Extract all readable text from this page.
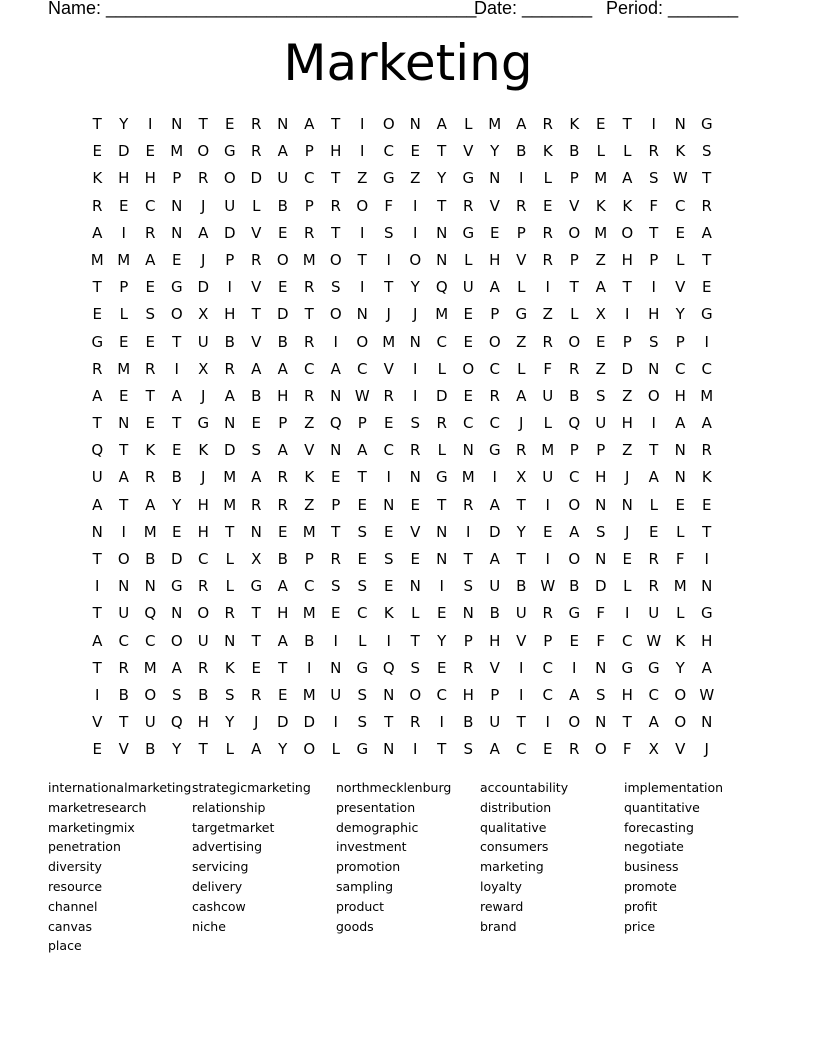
Name: _____________________________________
Date: _______ Period: _______
Marketing
T	Y	I	N	T	E	R	N	A	T	I	O N	A	L	M A	R	K	E	T	I	N	G
E	D	E	M O G	R	A	P	H	I	C	E	T	V	Y	B	K	B	L	L	R	K	S
K	H	H	P	R	O D	U	C	T	Z	G	Z	Y	G	N	I	L	P	M A	S W T
R	E	C	N	J	U	L	B	P	R	O	F	I	T	R	V	R	E	V	K	K	F	C	R
A	I	R	N	A	D	V	E	R	T	I	S	I	N	G	E	P	R	O M O	T	E	A
M M A	E	J	P	R	O M O	T	I	O N	L	H	V	R	P	Z	H	P	L	T
T	P	E	G D	I	V	E	R	S	I	T	Y	Q	U	A	L	I	T	A	T	I	V	E
E	L	S	O	X	H	T	D	T	O N	J	J	M	E	P	G	Z	L	X	I	H	Y	G
G	E	E	T	U	B	V	B	R	I	O M N	C	E	O	Z	R	O	E	P	S	P	I
R M R	I	X	R	A	A	C	A	C	V	I	L	O	C	L	F	R	Z	D	N	C	C
A	E	T	A	J	A	B	H	R	N W R	I	D	E	R	A	U	B	S	Z	O H M
T	N	E	T	G	N	E	P	Z	Q	P	E	S	R	C	C	J	L	Q	U	H	I	A	A
Q	T	K	E	K	D	S	A	V	N	A	C	R	L	N	G	R M	P	P	Z	T	N	R
U	A	R	B	J	M A	R	K	E	T	I	N	G M	I	X	U	C	H	J	A	N	K
A	T	A	Y	H M R	R	Z	P	E	N	E	T	R	A	T	I	O N	N	L	E	E
N	I	M	E	H	T	N	E	M	T	S	E	V	N	I	D	Y	E	A	S	J	E	L	T
T	O	B	D	C	L	X	B	P	R	E	S	E	N	T	A	T	I	O N	E	R	F	I
I	N	N	G	R	L	G	A	C	S	S	E	N	I	S	U	B W B	D	L	R M N
T	U	Q N O	R	T	H M	E	C	K	L	E	N	B	U	R	G	F	I	U	L	G
A	C	C	O	U	N	T	A	B	I	L	I	T	Y	P	H	V	P	E	F	C W K	H
T	R M A	R	K	E	T	I	N	G Q	S	E	R	V	I	C	I	N	G G	Y	A
I	B	O	S	B	S	R	E	M U	S	N O	C	H	P	I	C	A	S	H	C	O W
V	T	U	Q H	Y	J	D D	I	S	T	R	I	B	U	T	I	O N	T	A	O N
E	V	B	Y	T	L	A	Y	O	L	G	N	I	T	S	A	C	E	R	O	F	X	V	J
internationalmarketing
marketresearch
marketingmix
penetration
diversity
resource
channel
canvas
place
strategicmarketing
relationship
targetmarket
advertising
servicing
delivery
cashcow
niche
northmecklenburg
presentation
demographic
investment
promotion
sampling
product
goods
accountability
distribution
qualitative
consumers
marketing
loyalty
reward
brand
implementation
quantitative
forecasting
negotiate
business
promote
profit
price
